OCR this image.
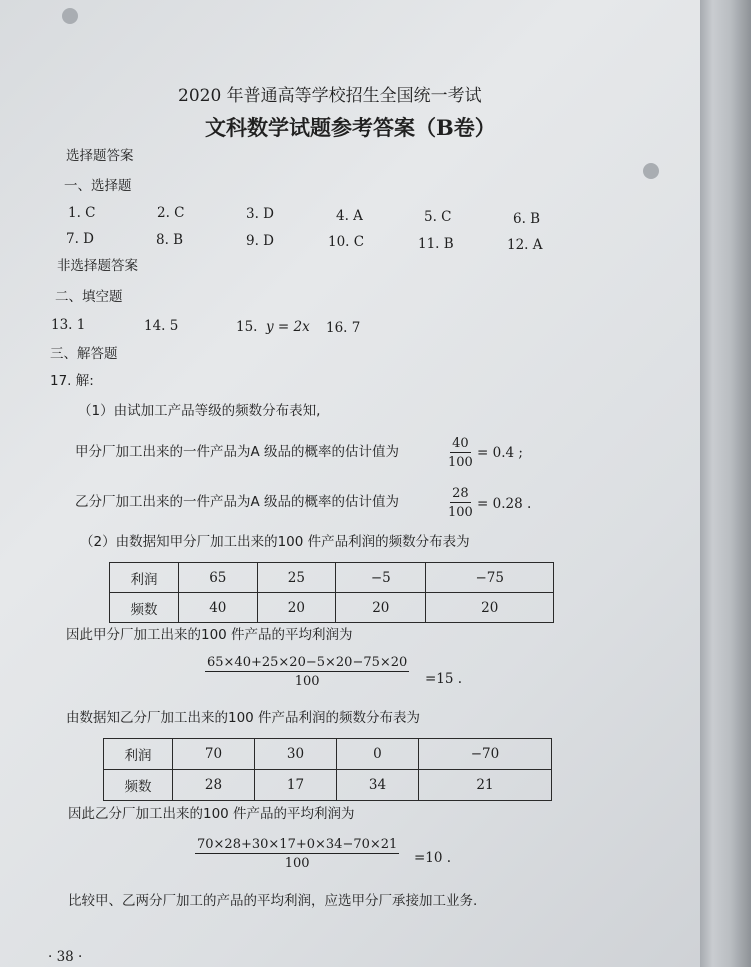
2020 年普通高等学校招生全国统一考试
文科数学试题参考答案（B卷）
选择题答案
一、选择题
1. C	2. C	3. D	4. A	5. C	6. B
7. D	8. B	9. D	10. C	11. B	12. A
非选择题答案
二、填空题
13. 1	14. 5	15. y = 2x 16. 7
三、解答题
17. 解:
（1）由试加工产品等级的频数分布表知,
甲分厂加工出来的一件产品为A 级品的概率的估计值为	$\frac{40}{100} = 0.4$ ;
乙分厂加工出来的一件产品为A 级品的概率的估计值为	$\frac{28}{100} = 0.28$ .
（2）由数据知甲分厂加工出来的100 件产品利润的频数分布表为
利润	65	25	−5	−75
频数	40	20	20	20
因此甲分厂加工出来的100 件产品的平均利润为
$\frac{65\times 40+25\times 20-5\times 20-75\times 20}{100} =15$ .
由数据知乙分厂加工出来的100 件产品利润的频数分布表为
利润	70	30	0	−70
频数	28	17	34	21
因此乙分厂加工出来的100 件产品的平均利润为
$\frac{70\times 28+30\times 17+0\times 34-70\times 21}{100} =10$ .
比较甲、乙两分厂加工的产品的平均利润，应选甲分厂承接加工业务.
· 38 ·
